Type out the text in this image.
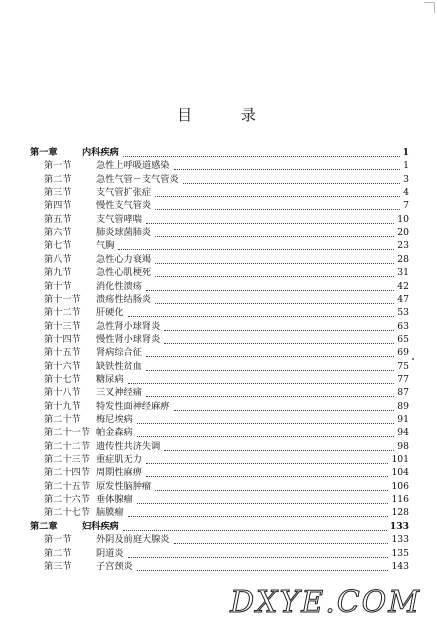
目 录
第一章	内科疾病	1
第一节	急性上呼吸道感染	1
第二节	急性气管－支气管炎	3
第三节	支气管扩张症	4
第四节	慢性支气管炎	7
第五节	支气管哮喘	10
第六节	肺炎球菌肺炎	20
第七节	气胸	23
第八节	急性心力衰竭	28
第九节	急性心肌梗死	31
第十节	消化性溃疡	42
第十一节 溃疡性结肠炎	47
第十二节 肝硬化	53
第十三节 急性肾小球肾炎	63
第十四节 慢性肾小球肾炎	65
第十五节 肾病综合征	69
第十六节 缺铁性贫血	75
第十七节 糖尿病	77
第十八节 三叉神经痛	87
第十九节 特发性面神经麻痹	89
第二十节 梅尼埃病	91
第二十一节 帕金森病	94
第二十二节 遗传性共济失调	98
第二十三节 重症肌无力	101
第二十四节 周期性麻痹	104
第二十五节 原发性脑肿瘤	106
第二十六节 垂体腺瘤	116
第二十七节 脑膜瘤	128
第二章	妇科疾病	133
第一节	外阴及前庭大腺炎	133
第二节	阴道炎	135
第三节	子宫颈炎	143
DXYE.COM
